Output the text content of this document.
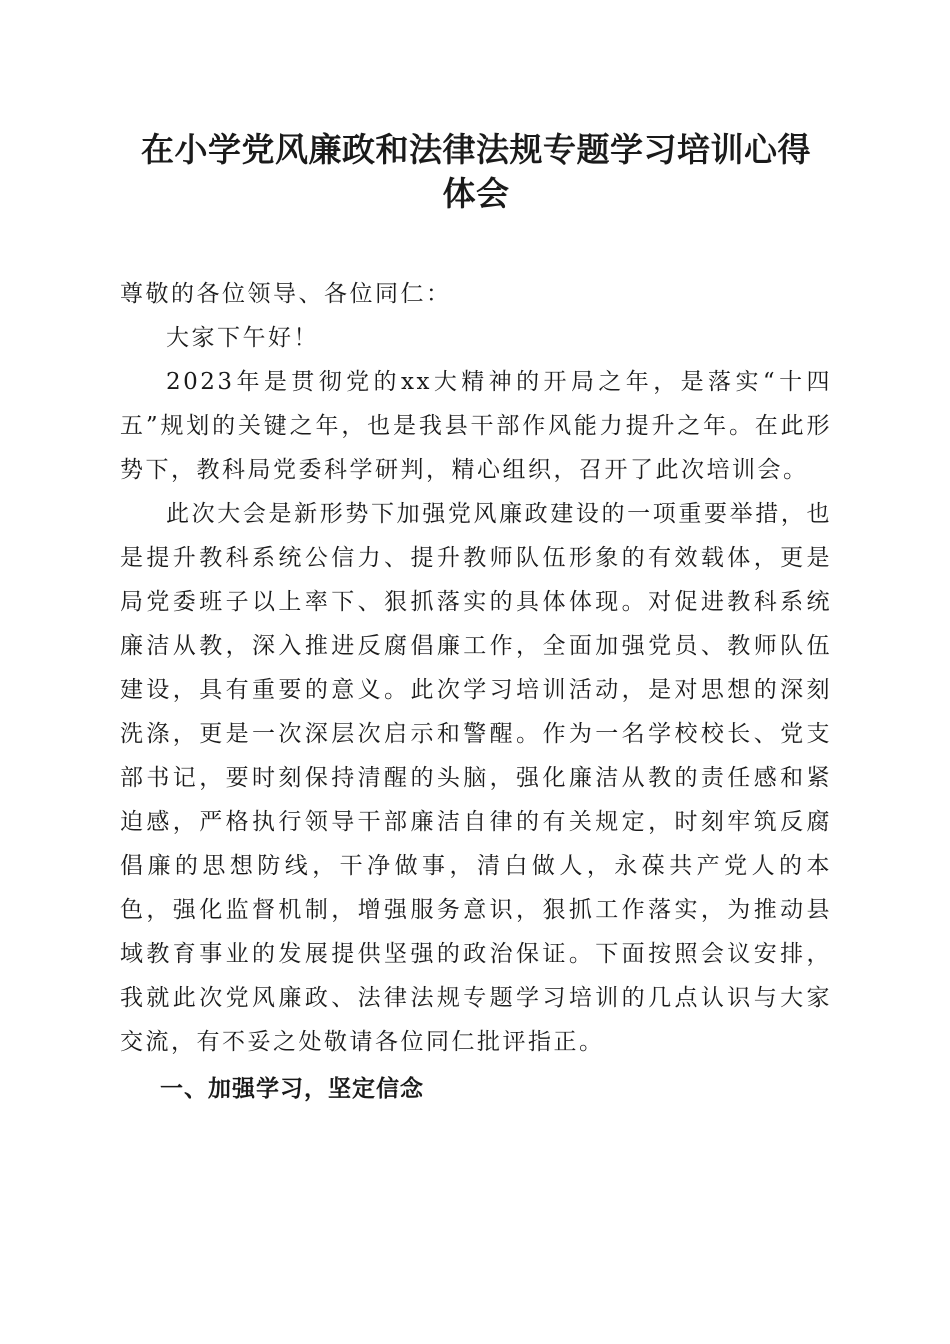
在小学党风廉政和法律法规专题学习培训心得
体会

尊敬的各位领导、各位同仁：

大家下午好！

2023年是贯彻党的xx大精神的开局之年，是落实“十四五”规划的关键之年，也是我县干部作风能力提升之年。在此形势下，教科局党委科学研判，精心组织，召开了此次培训会。

此次大会是新形势下加强党风廉政建设的一项重要举措，也是提升教科系统公信力、提升教师队伍形象的有效载体，更是局党委班子以上率下、狠抓落实的具体体现。对促进教科系统廉洁从教，深入推进反腐倡廉工作，全面加强党员、教师队伍建设，具有重要的意义。此次学习培训活动，是对思想的深刻洗涤，更是一次深层次启示和警醒。作为一名学校校长、党支部书记，要时刻保持清醒的头脑，强化廉洁从教的责任感和紧迫感，严格执行领导干部廉洁自律的有关规定，时刻牢筑反腐倡廉的思想防线，干净做事，清白做人，永葆共产党人的本色，强化监督机制，增强服务意识，狠抓工作落实，为推动县域教育事业的发展提供坚强的政治保证。下面按照会议安排，我就此次党风廉政、法律法规专题学习培训的几点认识与大家交流，有不妥之处敬请各位同仁批评指正。

一、加强学习，坚定信念
